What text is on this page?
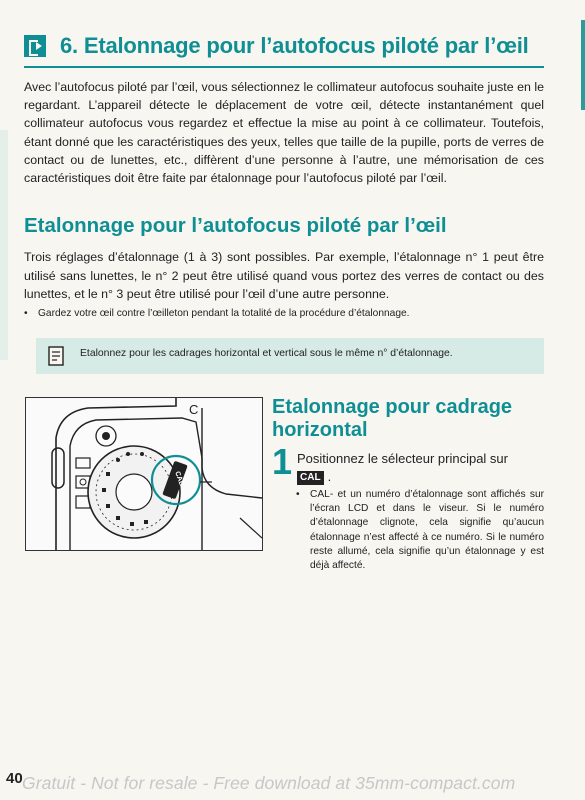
6. Etalonnage pour l’autofocus piloté par l’œil

Avec l’autofocus piloté par l’œil, vous sélectionnez le collimateur autofocus souhaite juste en le regardant. L’appareil détecte le déplacement de votre œil, détecte instantanément quel collimateur autofocus vous regardez et effectue la mise au point à ce collimateur. Toutefois, étant donné que les caractéristiques des yeux, telles que taille de la pupille, ports de verres de contact ou de lunettes, etc., diffèrent d’une personne à l’autre, une mémorisation de ces caractéristiques doit être faite par étalonnage pour l’autofocus piloté par l’œil.

Etalonnage pour l’autofocus piloté par l’œil

Trois réglages d’étalonnage (1 à 3) sont possibles. Par exemple, l’étalonnage n° 1 peut être utilisé sans lunettes, le n° 2 peut être utilisé quand vous portez des verres de contact ou des lunettes, et le n° 3 peut être utilisé pour l’œil d’une autre personne.

• Gardez votre œil contre l’œilleton pendant la totalité de la procédure d’étalonnage.

Etalonnez pour les cadrages horizontal et vertical sous le même n° d’étalonnage.
CAL
C	Etalonnage pour cadrage horizontal
1 Positionnez le sélecteur principal sur
CAL .

•	CAL- et un numéro d’étalonnage sont affichés sur l’écran LCD et dans le viseur. Si le numéro d’étalonnage clignote, cela signifie qu’aucun étalonnage n’est affecté à ce numéro. Si le numéro reste allumé, cela signifie qu’un étalonnage y est déjà affecté.

40 Gratuit - Not for resale - Free download at 35mm-compact.com
